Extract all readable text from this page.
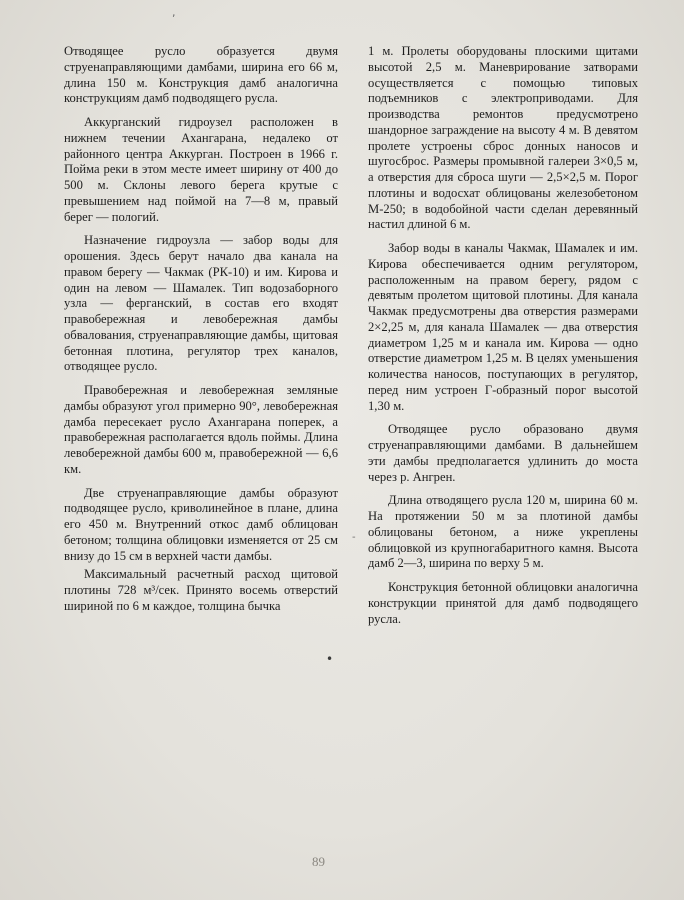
Отводящее русло образуется двумя струенаправляющими дамбами, ширина его 66 м, длина 150 м. Конструкция дамб аналогична конструкциям дамб подводящего русла.

Аккурганский гидроузел расположен в нижнем течении Ахангарана, недалеко от районного центра Аккурган. Построен в 1966 г. Пойма реки в этом месте имеет ширину от 400 до 500 м. Склоны левого берега крутые с превышением над поймой на 7—8 м, правый берег — пологий.

Назначение гидроузла — забор воды для орошения. Здесь берут начало два канала на правом берегу — Чакмак (РК-10) и им. Кирова и один на левом — Шамалек. Тип водозаборного узла — ферганский, в состав его входят правобережная и левобережная дамбы обвалования, струенаправляющие дамбы, щитовая бетонная плотина, регулятор трех каналов, отводящее русло.

Правобережная и левобережная земляные дамбы образуют угол примерно 90°, левобережная дамба пересекает русло Ахангарана поперек, а правобережная располагается вдоль поймы. Длина левобережной дамбы 600 м, правобережной — 6,6 км.

Две струенаправляющие дамбы образуют подводящее русло, криволинейное в плане, длина его 450 м. Внутренний откос дамб облицован бетоном; толщина облицовки изменяется от 25 см внизу до 15 см в верхней части дамбы.

Максимальный расчетный расход щитовой плотины 728 м³/сек. Принято восемь отверстий шириной по 6 м каждое, толщина бычка

1 м. Пролеты оборудованы плоскими щитами высотой 2,5 м. Маневрирование затворами осуществляется с помощью типовых подъемников с электроприводами. Для производства ремонтов предусмотрено шандорное заграждение на высоту 4 м. В девятом пролете устроены сброс донных наносов и шугосброс. Размеры промывной галереи 3×0,5 м, а отверстия для сброса шуги — 2,5×2,5 м. Порог плотины и водосхат облицованы железобетоном М-250; в водобойной части сделан деревянный настил длиной 6 м.

Забор воды в каналы Чакмак, Шамалек и им. Кирова обеспечивается одним регулятором, расположенным на правом берегу, рядом с девятым пролетом щитовой плотины. Для канала Чакмак предусмотрены два отверстия размерами 2×2,25 м, для канала Шамалек — два отверстия диаметром 1,25 м и канала им. Кирова — одно отверстие диаметром 1,25 м. В целях уменьшения количества наносов, поступающих в регулятор, перед ним устроен Г-образный порог высотой 1,30 м.

Отводящее русло образовано двумя струенаправляющими дамбами. В дальнейшем эти дамбы предполагается удлинить до моста через р. Ангрен.

Длина отводящего русла 120 м, ширина 60 м. На протяжении 50 м за плотиной дамбы облицованы бетоном, а ниже укреплены облицовкой из крупногабаритного камня. Высота дамб 2—3, ширина по верху 5 м.

Конструкция бетонной облицовки аналогична конструкции принятой для дамб подводящего русла.

,
•
-
89
